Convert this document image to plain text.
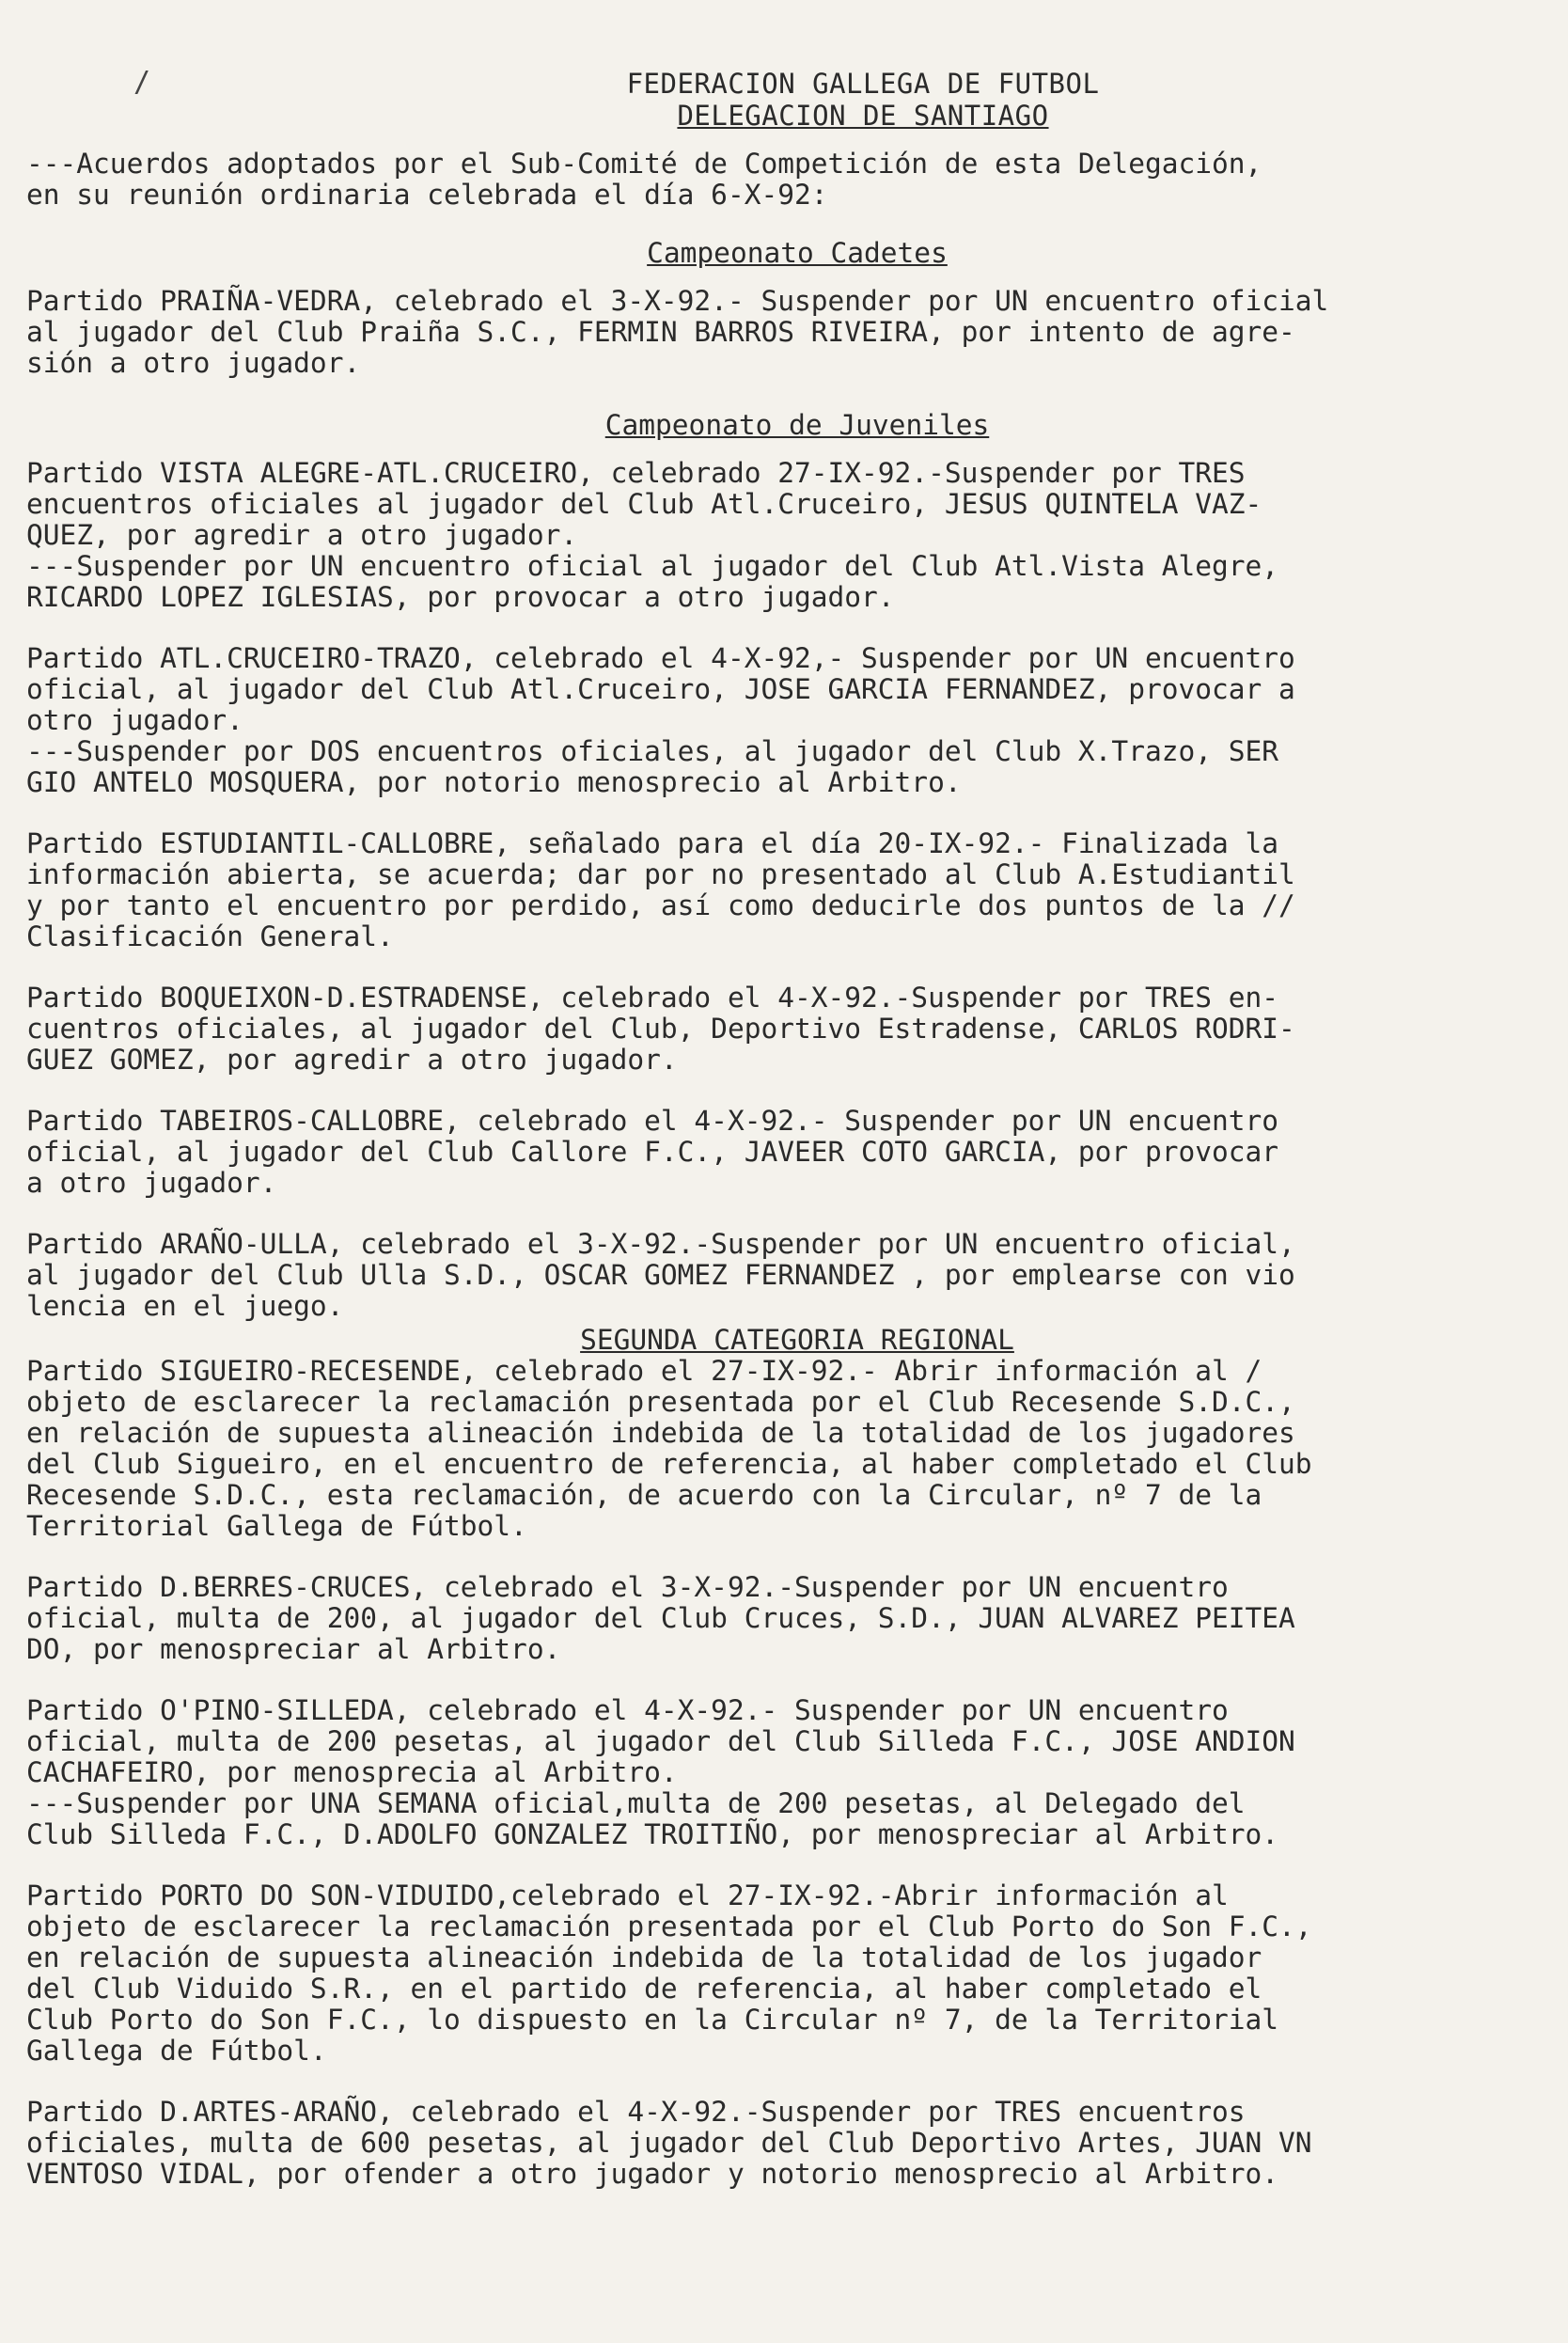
/	FEDERACION GALLEGA DE FUTBOL

DELEGACION DE SANTIAGO

---Acuerdos adoptados por el Sub-Comité de Competición de esta Delegación,
en su reunión ordinaria celebrada el día 6-X-92:

Campeonato Cadetes

Partido PRAIÑA-VEDRA, celebrado el 3-X-92.- Suspender por UN encuentro oficial
al jugador del Club Praiña S.C., FERMIN BARROS RIVEIRA, por intento de agre-
sión a otro jugador.

Campeonato de Juveniles

Partido VISTA ALEGRE-ATL.CRUCEIRO, celebrado 27-IX-92.-Suspender por TRES
encuentros oficiales al jugador del Club Atl.Cruceiro, JESUS QUINTELA VAZ-
QUEZ, por agredir a otro jugador.
---Suspender por UN encuentro oficial al jugador del Club Atl.Vista Alegre,
RICARDO LOPEZ IGLESIAS, por provocar a otro jugador.

Partido ATL.CRUCEIRO-TRAZO, celebrado el 4-X-92,- Suspender por UN encuentro
oficial, al jugador del Club Atl.Cruceiro, JOSE GARCIA FERNANDEZ, provocar a
otro jugador.
---Suspender por DOS encuentros oficiales, al jugador del Club X.Trazo, SER
GIO ANTELO MOSQUERA, por notorio menosprecio al Arbitro.

Partido ESTUDIANTIL-CALLOBRE, señalado para el día 20-IX-92.- Finalizada la
información abierta, se acuerda; dar por no presentado al Club A.Estudiantil
y por tanto el encuentro por perdido, así como deducirle dos puntos de la //
Clasificación General.

Partido BOQUEIXON-D.ESTRADENSE, celebrado el 4-X-92.-Suspender por TRES en-
cuentros oficiales, al jugador del Club, Deportivo Estradense, CARLOS RODRI-
GUEZ GOMEZ, por agredir a otro jugador.

Partido TABEIROS-CALLOBRE, celebrado el 4-X-92.- Suspender por UN encuentro
oficial, al jugador del Club Callore F.C., JAVEER COTO GARCIA, por provocar
a otro jugador.

Partido ARAÑO-ULLA, celebrado el 3-X-92.-Suspender por UN encuentro oficial,
al jugador del Club Ulla S.D., OSCAR GOMEZ FERNANDEZ , por emplearse con vio
lencia en el juego.

SEGUNDA CATEGORIA REGIONAL

Partido SIGUEIRO-RECESENDE, celebrado el 27-IX-92.- Abrir información al /
objeto de esclarecer la reclamación presentada por el Club Recesende S.D.C.,
en relación de supuesta alineación indebida de la totalidad de los jugadores
del Club Sigueiro, en el encuentro de referencia, al haber completado el Club
Recesende S.D.C., esta reclamación, de acuerdo con la Circular, nº 7 de la
Territorial Gallega de Fútbol.

Partido D.BERRES-CRUCES, celebrado el 3-X-92.-Suspender por UN encuentro
oficial, multa de 200, al jugador del Club Cruces, S.D., JUAN ALVAREZ PEITEA
DO, por menospreciar al Arbitro.

Partido O'PINO-SILLEDA, celebrado el 4-X-92.- Suspender por UN encuentro
oficial, multa de 200 pesetas, al jugador del Club Silleda F.C., JOSE ANDION
CACHAFEIRO, por menosprecia al Arbitro.
---Suspender por UNA SEMANA oficial,multa de 200 pesetas, al Delegado del
Club Silleda F.C., D.ADOLFO GONZALEZ TROITIÑO, por menospreciar al Arbitro.

Partido PORTO DO SON-VIDUIDO,celebrado el 27-IX-92.-Abrir información al
objeto de esclarecer la reclamación presentada por el Club Porto do Son F.C.,
en relación de supuesta alineación indebida de la totalidad de los jugador
del Club Viduido S.R., en el partido de referencia, al haber completado el
Club Porto do Son F.C., lo dispuesto en la Circular nº 7, de la Territorial
Gallega de Fútbol.

Partido D.ARTES-ARAÑO, celebrado el 4-X-92.-Suspender por TRES encuentros
oficiales, multa de 600 pesetas, al jugador del Club Deportivo Artes, JUAN VN
VENTOSO VIDAL, por ofender a otro jugador y notorio menosprecio al Arbitro.
